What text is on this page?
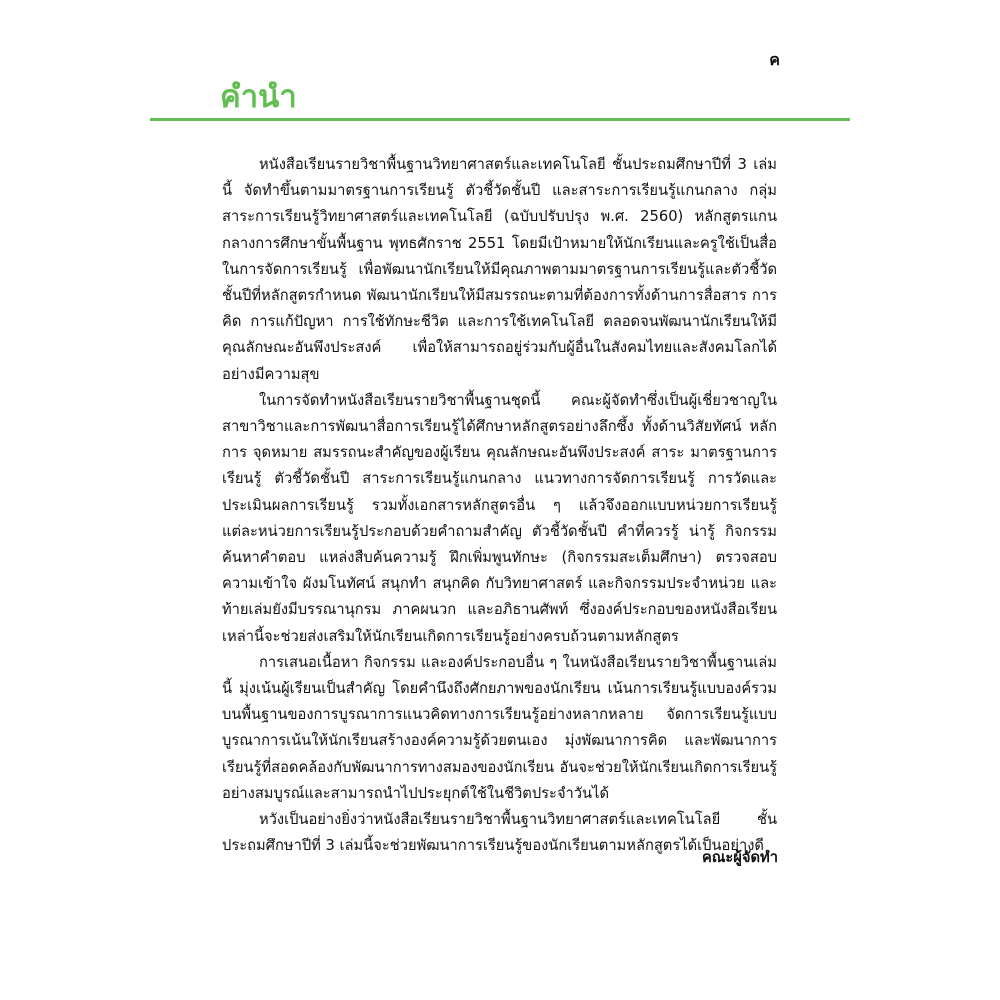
ค
คำนำ

หนังสือเรียนรายวิชาพื้นฐานวิทยาศาสตร์และเทคโนโลยี ชั้นประถมศึกษาปีที่ 3 เล่มนี้ จัดทำขึ้นตามมาตรฐานการเรียนรู้ ตัวชี้วัดชั้นปี และสาระการเรียนรู้แกนกลาง กลุ่มสาระการเรียนรู้วิทยาศาสตร์และเทคโนโลยี (ฉบับปรับปรุง พ.ศ. 2560) หลักสูตรแกนกลางการศึกษาขั้นพื้นฐาน พุทธศักราช 2551 โดยมีเป้าหมายให้นักเรียนและครูใช้เป็นสื่อในการจัดการเรียนรู้ เพื่อพัฒนานักเรียนให้มีคุณภาพตามมาตรฐานการเรียนรู้และตัวชี้วัดชั้นปีที่หลักสูตรกำหนด พัฒนานักเรียนให้มีสมรรถนะตามที่ต้องการทั้งด้านการสื่อสาร การคิด การแก้ปัญหา การใช้ทักษะชีวิต และการใช้เทคโนโลยี ตลอดจนพัฒนานักเรียนให้มีคุณลักษณะอันพึงประสงค์ เพื่อให้สามารถอยู่ร่วมกับผู้อื่นในสังคมไทยและสังคมโลกได้อย่างมีความสุข

ในการจัดทำหนังสือเรียนรายวิชาพื้นฐานชุดนี้ คณะผู้จัดทำซึ่งเป็นผู้เชี่ยวชาญในสาขาวิชาและการพัฒนาสื่อการเรียนรู้ได้ศึกษาหลักสูตรอย่างลึกซึ้ง ทั้งด้านวิสัยทัศน์ หลักการ จุดหมาย สมรรถนะสำคัญของผู้เรียน คุณลักษณะอันพึงประสงค์ สาระ มาตรฐานการเรียนรู้ ตัวชี้วัดชั้นปี สาระการเรียนรู้แกนกลาง แนวทางการจัดการเรียนรู้ การวัดและประเมินผลการเรียนรู้ รวมทั้งเอกสารหลักสูตรอื่น ๆ แล้วจึงออกแบบหน่วยการเรียนรู้ แต่ละหน่วยการเรียนรู้ประกอบด้วยคำถามสำคัญ ตัวชี้วัดชั้นปี คำที่ควรรู้ น่ารู้ กิจกรรม ค้นหาคำตอบ แหล่งสืบค้นความรู้ ฝึกเพิ่มพูนทักษะ (กิจกรรมสะเต็มศึกษา) ตรวจสอบความเข้าใจ ผังมโนทัศน์ สนุกทำ สนุกคิด กับวิทยาศาสตร์ และกิจกรรมประจำหน่วย และท้ายเล่มยังมีบรรณานุกรม ภาคผนวก และอภิธานศัพท์ ซึ่งองค์ประกอบของหนังสือเรียนเหล่านี้จะช่วยส่งเสริมให้นักเรียนเกิดการเรียนรู้อย่างครบถ้วนตามหลักสูตร

การเสนอเนื้อหา กิจกรรม และองค์ประกอบอื่น ๆ ในหนังสือเรียนรายวิชาพื้นฐานเล่มนี้ มุ่งเน้นผู้เรียนเป็นสำคัญ โดยคำนึงถึงศักยภาพของนักเรียน เน้นการเรียนรู้แบบองค์รวมบนพื้นฐานของการบูรณาการแนวคิดทางการเรียนรู้อย่างหลากหลาย จัดการเรียนรู้แบบบูรณาการเน้นให้นักเรียนสร้างองค์ความรู้ด้วยตนเอง มุ่งพัฒนาการคิด และพัฒนาการเรียนรู้ที่สอดคล้องกับพัฒนาการทางสมองของนักเรียน อันจะช่วยให้นักเรียนเกิดการเรียนรู้อย่างสมบูรณ์และสามารถนำไปประยุกต์ใช้ในชีวิตประจำวันได้

หวังเป็นอย่างยิ่งว่าหนังสือเรียนรายวิชาพื้นฐานวิทยาศาสตร์และเทคโนโลยี ชั้นประถมศึกษาปีที่ 3 เล่มนี้จะช่วยพัฒนาการเรียนรู้ของนักเรียนตามหลักสูตรได้เป็นอย่างดี

คณะผู้จัดทำ
